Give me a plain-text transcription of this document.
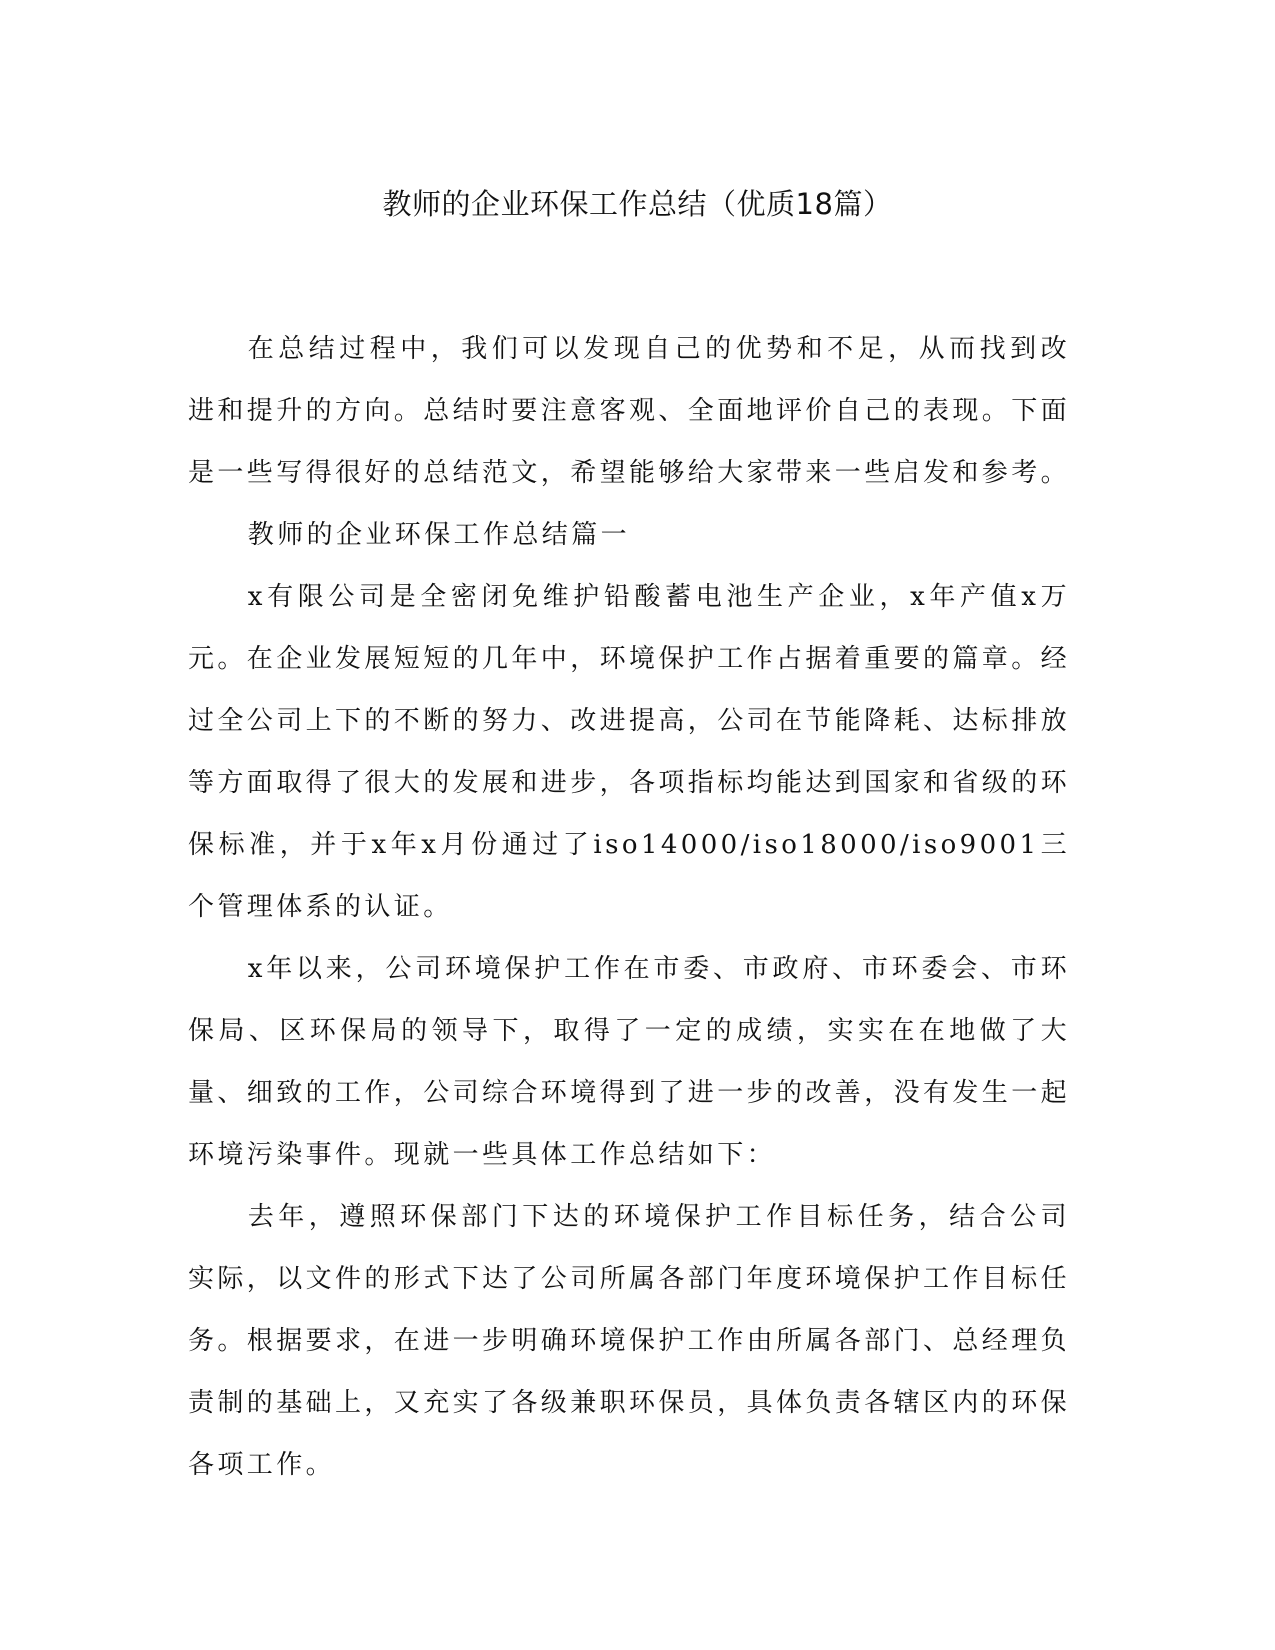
教师的企业环保工作总结（优质18篇）

在总结过程中，我们可以发现自己的优势和不足，从而找到改进和提升的方向。总结时要注意客观、全面地评价自己的表现。下面是一些写得很好的总结范文，希望能够给大家带来一些启发和参考。

教师的企业环保工作总结篇一

x有限公司是全密闭免维护铅酸蓄电池生产企业，x年产值x万元。在企业发展短短的几年中，环境保护工作占据着重要的篇章。经过全公司上下的不断的努力、改进提高，公司在节能降耗、达标排放等方面取得了很大的发展和进步，各项指标均能达到国家和省级的环保标准，并于x年x月份通过了iso14000/iso18000/iso9001三个管理体系的认证。

x年以来，公司环境保护工作在市委、市政府、市环委会、市环保局、区环保局的领导下，取得了一定的成绩，实实在在地做了大量、细致的工作，公司综合环境得到了进一步的改善，没有发生一起环境污染事件。现就一些具体工作总结如下：

去年，遵照环保部门下达的环境保护工作目标任务，结合公司实际，以文件的形式下达了公司所属各部门年度环境保护工作目标任务。根据要求，在进一步明确环境保护工作由所属各部门、总经理负责制的基础上，又充实了各级兼职环保员，具体负责各辖区内的环保各项工作。
